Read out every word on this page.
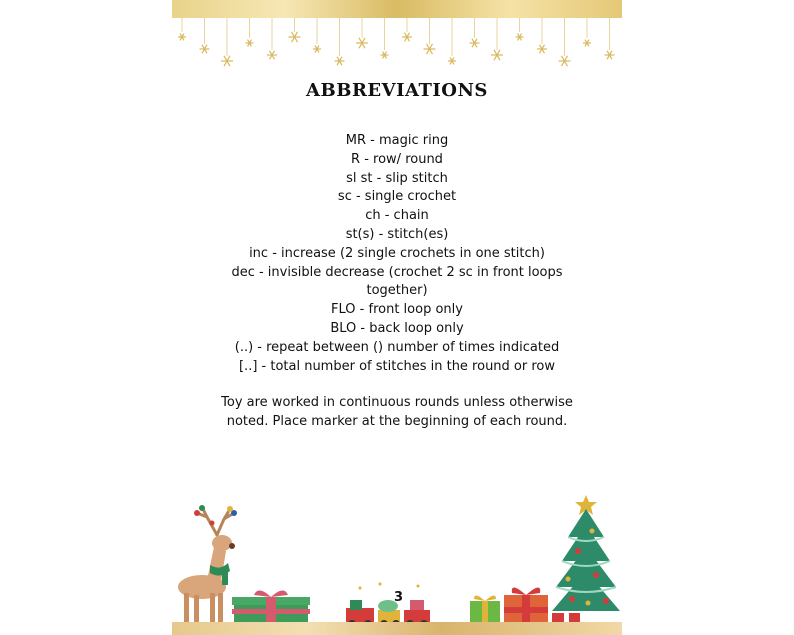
ABBREVIATIONS
MR - magic ring
R - row/ round
sl st - slip stitch
sc - single crochet
ch - chain
st(s) - stitch(es)
inc - increase (2 single crochets in one stitch)
dec - invisible decrease (crochet 2 sc in front loops
together)
FLO - front loop only
BLO - back loop only
(..) - repeat between () number of times indicated
[..] - total number of stitches in the round or row

Toy are worked in continuous rounds unless otherwise
noted. Place marker at the beginning of each round.

3
